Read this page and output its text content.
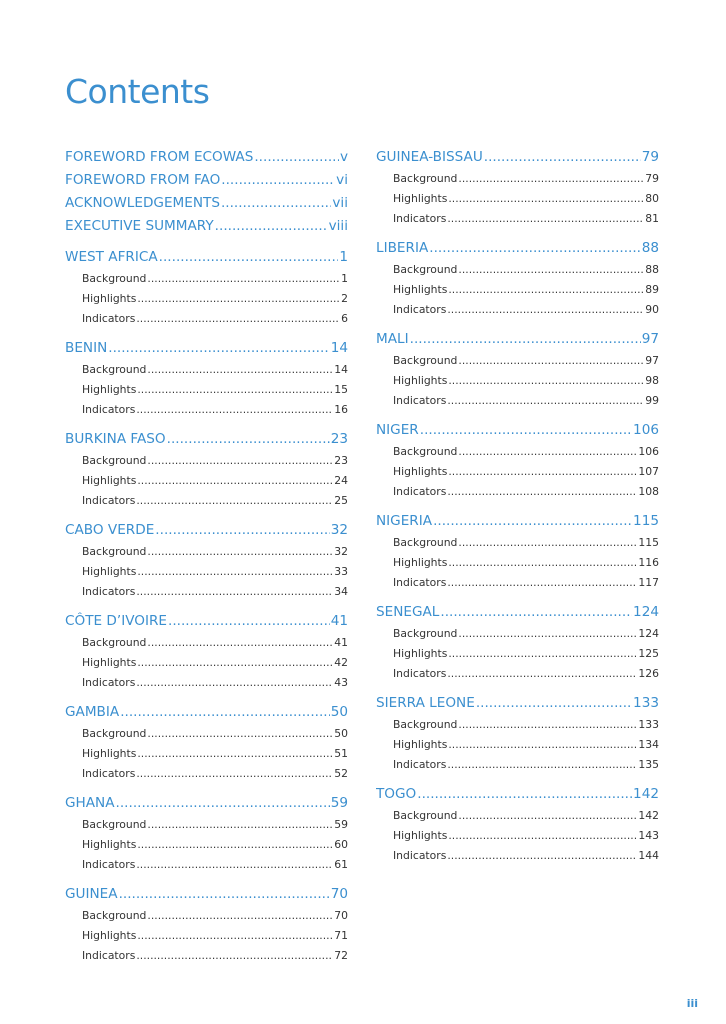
Contents
FOREWORD FROM ECOWAS .....	v
FOREWORD FROM FAO .....	vi
ACKNOWLEDGEMENTS .....	vii
EXECUTIVE SUMMARY .....	viii
WEST AFRICA .....	1
Background .....	1
Highlights .....	2
Indicators .....	6
BENIN .....	14
Background .....	14
Highlights .....	15
Indicators .....	16
BURKINA FASO .....	23
Background .....	23
Highlights .....	24
Indicators .....	25
CABO VERDE .....	32
Background .....	32
Highlights .....	33
Indicators .....	34
CÔTE D’IVOIRE .....	41
Background .....	41
Highlights .....	42
Indicators .....	43
GAMBIA .....	50
Background .....	50
Highlights .....	51
Indicators .....	52
GHANA .....	59
Background .....	59
Highlights .....	60
Indicators .....	61
GUINEA .....	70
Background .....	70
Highlights .....	71
Indicators .....	72
GUINEA-BISSAU .....	79
Background .....	79
Highlights .....	80
Indicators .....	81
LIBERIA .....	88
Background .....	88
Highlights .....	89
Indicators .....	90
MALI .....	97
Background .....	97
Highlights .....	98
Indicators .....	99
NIGER .....	106
Background .....	106
Highlights .....	107
Indicators .....	108
NIGERIA .....	115
Background .....	115
Highlights .....	116
Indicators .....	117
SENEGAL .....	124
Background .....	124
Highlights .....	125
Indicators .....	126
SIERRA LEONE .....	133
Background .....	133
Highlights .....	134
Indicators .....	135
TOGO .....	142
Background .....	142
Highlights .....	143
Indicators .....	144
iii
